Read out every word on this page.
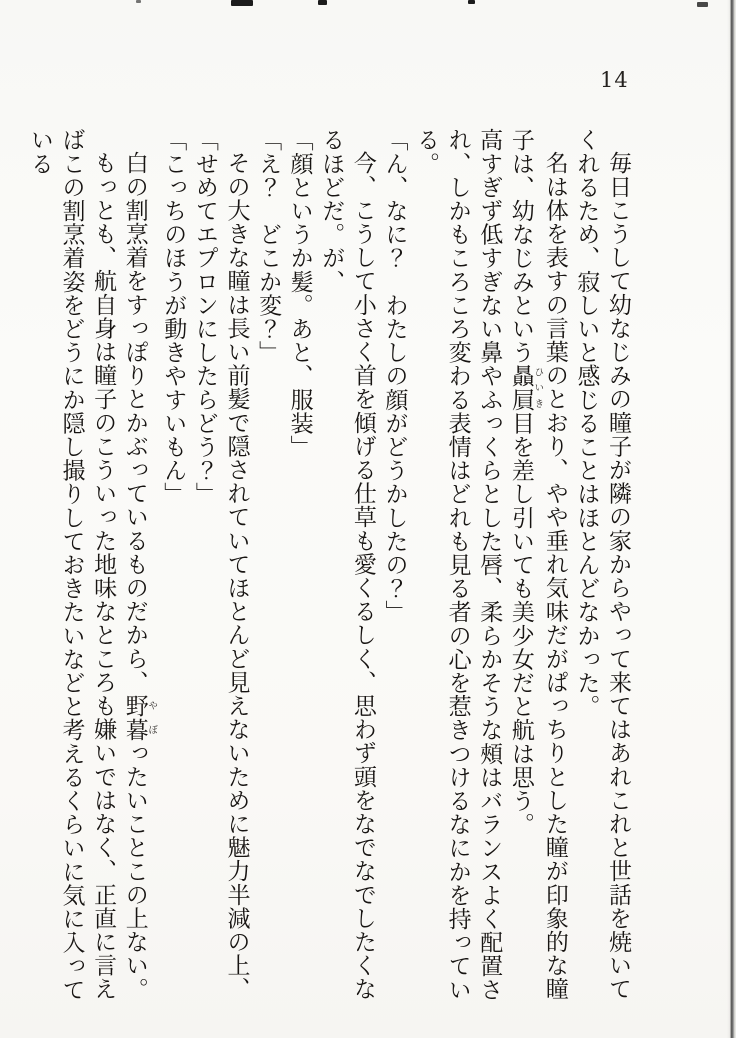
14

毎日こうして幼なじみの瞳子が隣の家からやって来てはあれこれと世話を焼いてくれるため、寂しいと感じることはほとんどなかった。

名は体を表すの言葉のとおり、やや垂れ気味だがぱっちりとした瞳が印象的な瞳子は、幼なじみという贔屓ひいき目を差し引いても美少女だと航は思う。

高すぎず低すぎない鼻やふっくらとした唇、柔らかそうな頰はバランスよく配置され、しかもころころ変わる表情はどれも見る者の心を惹きつけるなにかを持っている。

「ん、なに？　わたしの顔がどうかしたの？」

今、こうして小さく首を傾げる仕草も愛くるしく、思わず頭をなでなでしたくなるほどだ。が、

「顔というか髪。あと、服装」

「え？　どこか変？」

その大きな瞳は長い前髪で隠されていてほとんど見えないために魅力半減の上、

「せめてエプロンにしたらどう？」

「こっちのほうが動きやすいもん」

白の割烹着をすっぽりとかぶっているものだから、野暮やぼったいことこの上ない。

もっとも、航自身は瞳子のこういった地味なところも嫌いではなく、正直に言えばこの割烹着姿をどうにか隠し撮りしておきたいなどと考えるくらいに気に入っている
